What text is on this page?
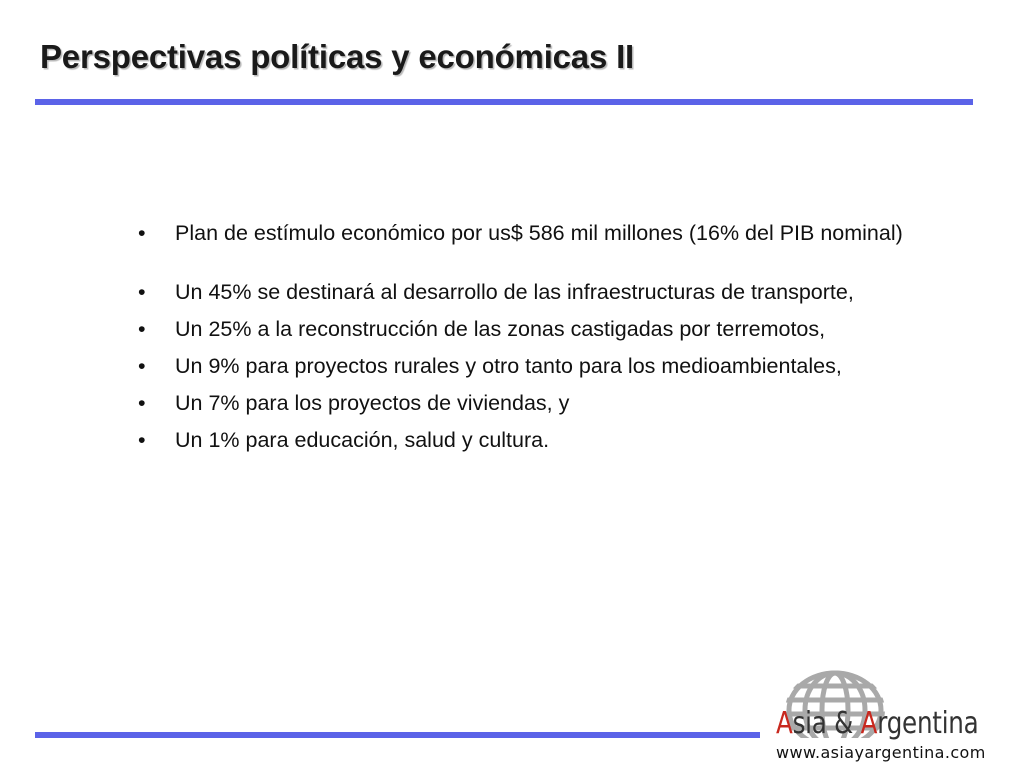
Perspectivas políticas y económicas II
• Plan de estímulo económico por us$ 586 mil millones (16% del PIB nominal)
• Un 45% se destinará al desarrollo de las infraestructuras de transporte,
• Un 25% a la reconstrucción de las zonas castigadas por terremotos,
• Un 9% para proyectos rurales y otro tanto para los medioambientales,
• Un 7% para los proyectos de viviendas, y
• Un 1% para educación, salud y cultura.
Asia & Argentina
www.asiayargentina.com
